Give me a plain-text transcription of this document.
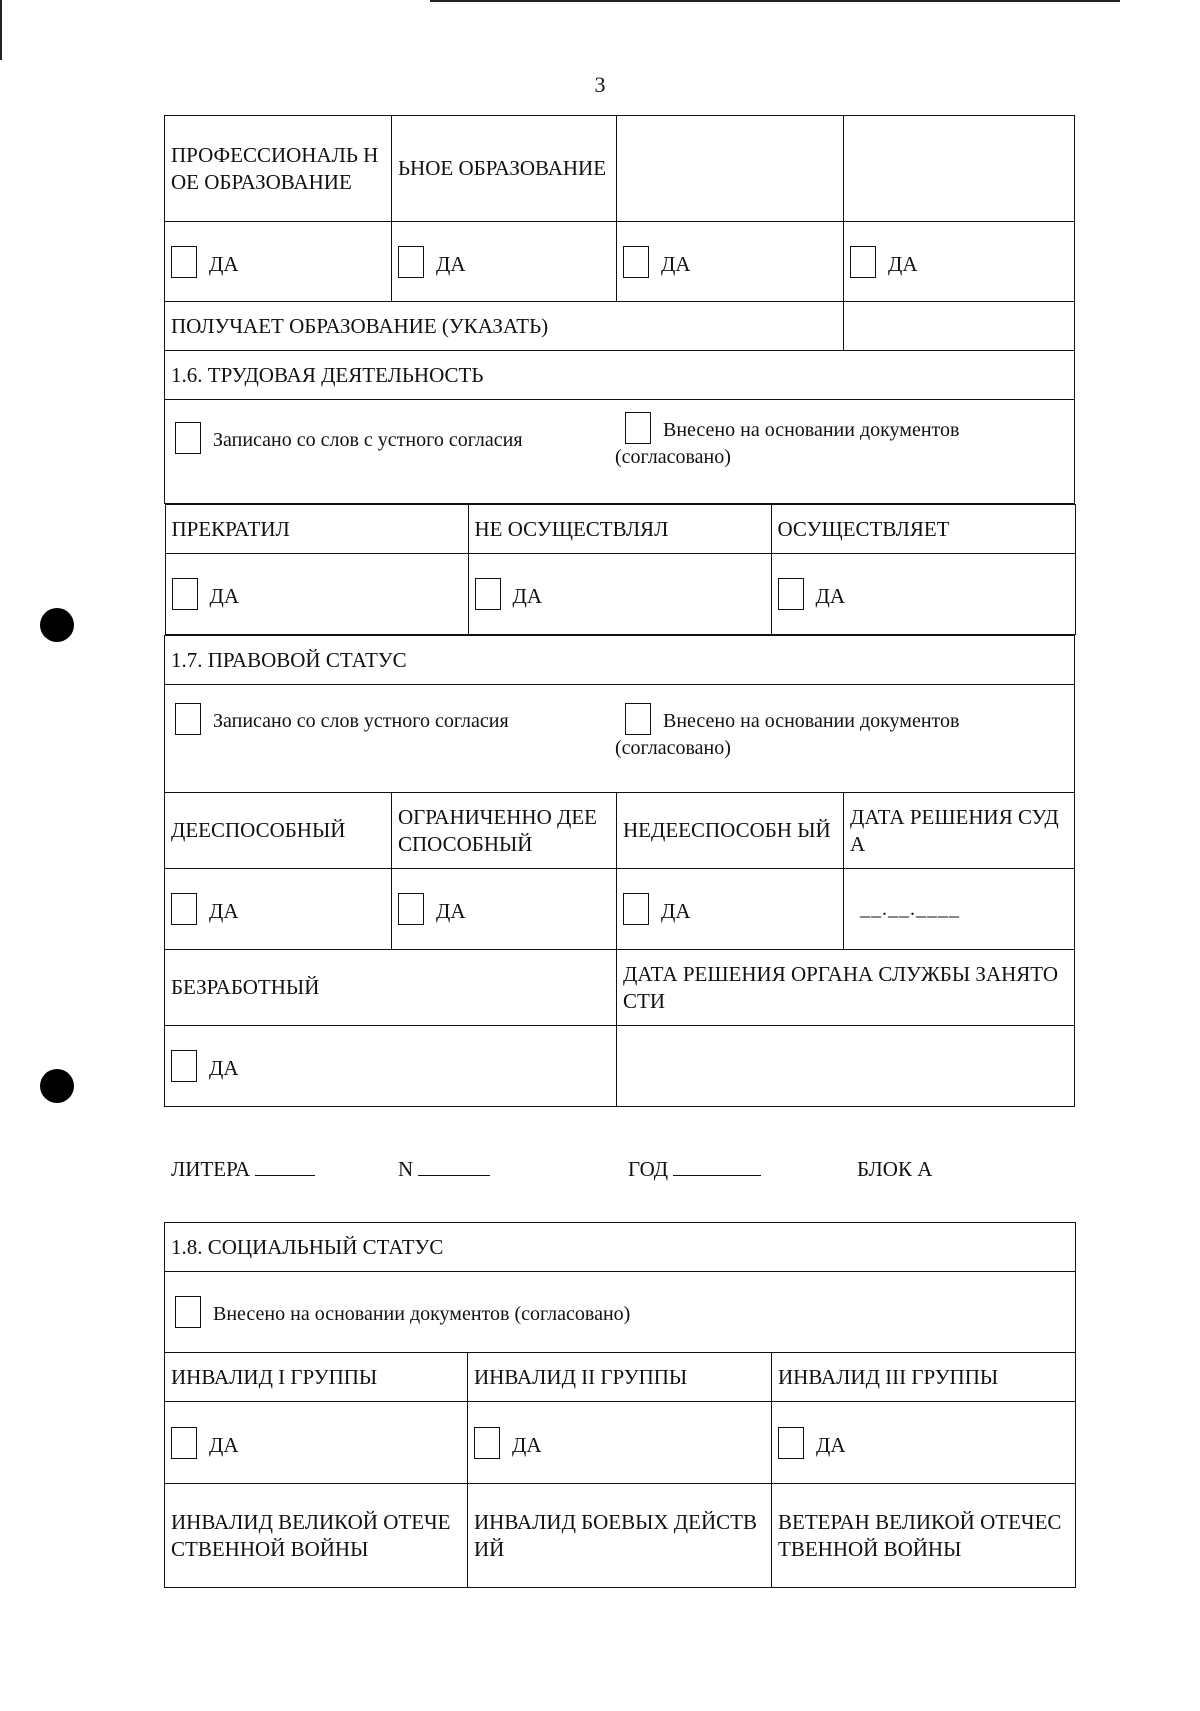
3
ПРОФЕССИОНАЛЬ НОЕ ОБРАЗОВАНИЕ	ЬНОЕ ОБРАЗОВАНИЕ		
ДА	ДА	ДА	ДА
ПОЛУЧАЕТ ОБРАЗОВАНИЕ (УКАЗАТЬ)	
1.6. ТРУДОВАЯ ДЕЯТЕЛЬНОСТЬ

Записано со слов с устного согласия	Внесено на основании документов
(согласовано)

ПРЕКРАТИЛ	НЕ ОСУЩЕСТВЛЯЛ	ОСУЩЕСТВЛЯЕТ
ДА	ДА	ДА

1.7. ПРАВОВОЙ СТАТУС

Записано со слов устного согласия	Внесено на основании документов
(согласовано)

ДЕЕСПОСОБНЫЙ	ОГРАНИЧЕННО ДЕЕСПОСОБНЫЙ	НЕДЕЕСПОСОБН ЫЙ	ДАТА РЕШЕНИЯ СУДА
ДА	ДА	ДА	__.__.____
БЕЗРАБОТНЫЙ	ДАТА РЕШЕНИЯ ОРГАНА СЛУЖБЫ ЗАНЯТОСТИ
ДА	
ЛИТЕРА	N	ГОД	БЛОК А
1.8. СОЦИАЛЬНЫЙ СТАТУС		
Внесено на основании документов (согласовано)		
ИНВАЛИД I ГРУППЫ	ИНВАЛИД II ГРУППЫ	ИНВАЛИД III ГРУППЫ
ДА	ДА	ДА
ИНВАЛИД ВЕЛИКОЙ ОТЕЧЕСТВЕННОЙ ВОЙНЫ	ИНВАЛИД БОЕВЫХ ДЕЙСТВИЙ	ВЕТЕРАН ВЕЛИКОЙ ОТЕЧЕСТВЕННОЙ ВОЙНЫ
